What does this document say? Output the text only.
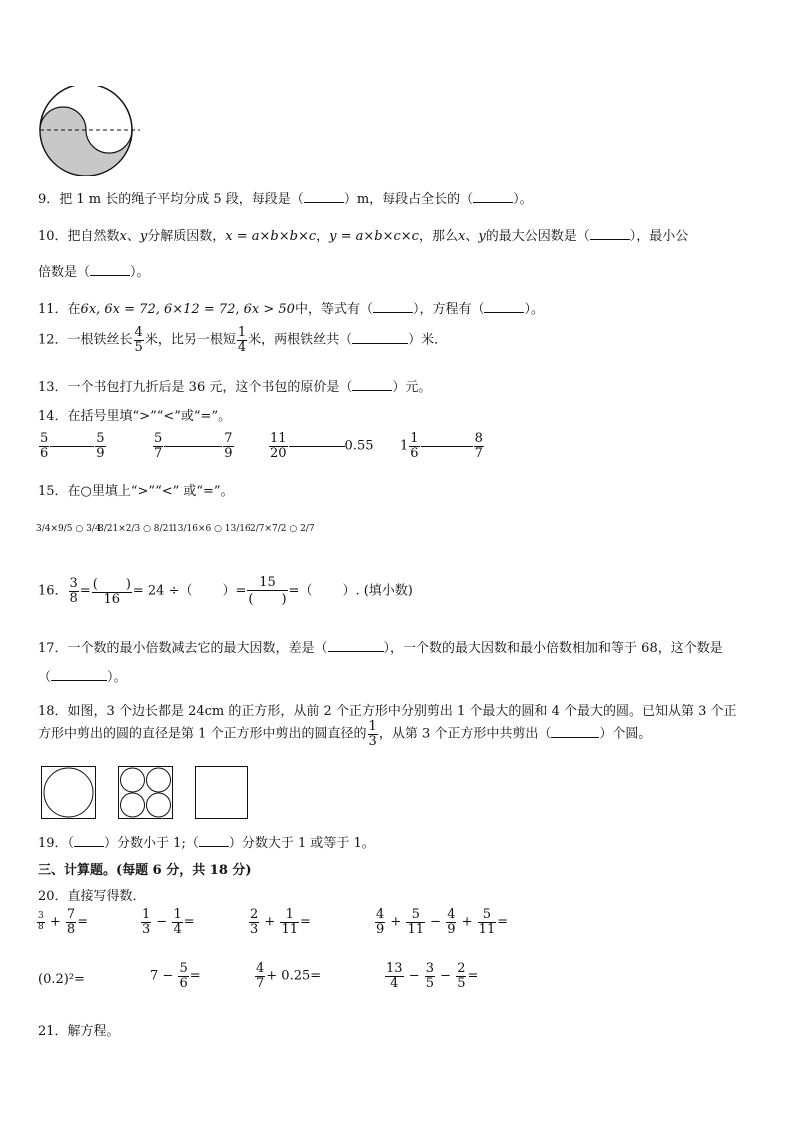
9．把 1 m 长的绳子平均分成 5 段，每段是（	）m，每段占全长的（	）。
10．把自然数x、y分解质因数，x = a×b×b×c，y = a×b×c×c，那么x、y的最大公因数是（	），最小公
倍数是（	）。
11．在6x, 6x = 72, 6×12 = 72, 6x > 50中，等式有（	），方程有（	）。
12．一根铁丝长 $\frac{4}{5}$ 米，比另一根短 $\frac{1}{4}$ 米，两根铁丝共（	）米．
13．一个书包打九折后是 36 元，这个书包的原价是（	）元。
14．在括号里填“>”“<”或“=”。
$\frac{5}{6}$	$\frac{5}{9}$	$\frac{5}{7}$	$\frac{7}{9}$	$\frac{11}{20}$	0.55 $1 \frac{1}{6}$	$\frac{8}{7}$
15．在○里填上“>”“<” 或“=”。
3/4×9/5 ○ 3/4
8/21×2/3 ○ 8/21
13/16×6 ○ 13/16 2/7×7/2 ○ 2/7
16． $\frac{3}{8} = \frac{( )}{16} = 24$ ÷（ ）= $\frac{15}{( )}$ =（ ）. (填小数)
17．一个数的最小倍数减去它的最大因数，差是（	），一个数的最大因数和最小倍数相加和等于 68，这个数是
（	）。
18．如图，3 个边长都是 24cm 的正方形，从前 2 个正方形中分别剪出 1 个最大的圆和 4 个最大的圆。已知从第 3 个正
方形中剪出的圆的直径是第 1 个正方形中剪出的圆直径的 $\frac{1}{3}$ ，从第 3 个正方形中共剪出（	）个圆。
19．（ ）分数小于 1;（ ）分数大于 1 或等于 1。
三、计算题。(每题 6 分，共 18 分)
20．直接写得数．
$\frac{3}{8} + \frac{7}{8}$ =	$\frac{1}{3} - \frac{1}{4}$ =	$\frac{2}{3} + \frac{1}{11}$ =	$\frac{4}{9} + \frac{5}{11} - \frac{4}{9} + \frac{5}{11}$ =
(0.2)²=	$7 - \frac{5}{6}$ =	$\frac{4}{7} + 0.25=$	$\frac{13}{4} - \frac{3}{5} - \frac{2}{5}$ =
21．解方程。
